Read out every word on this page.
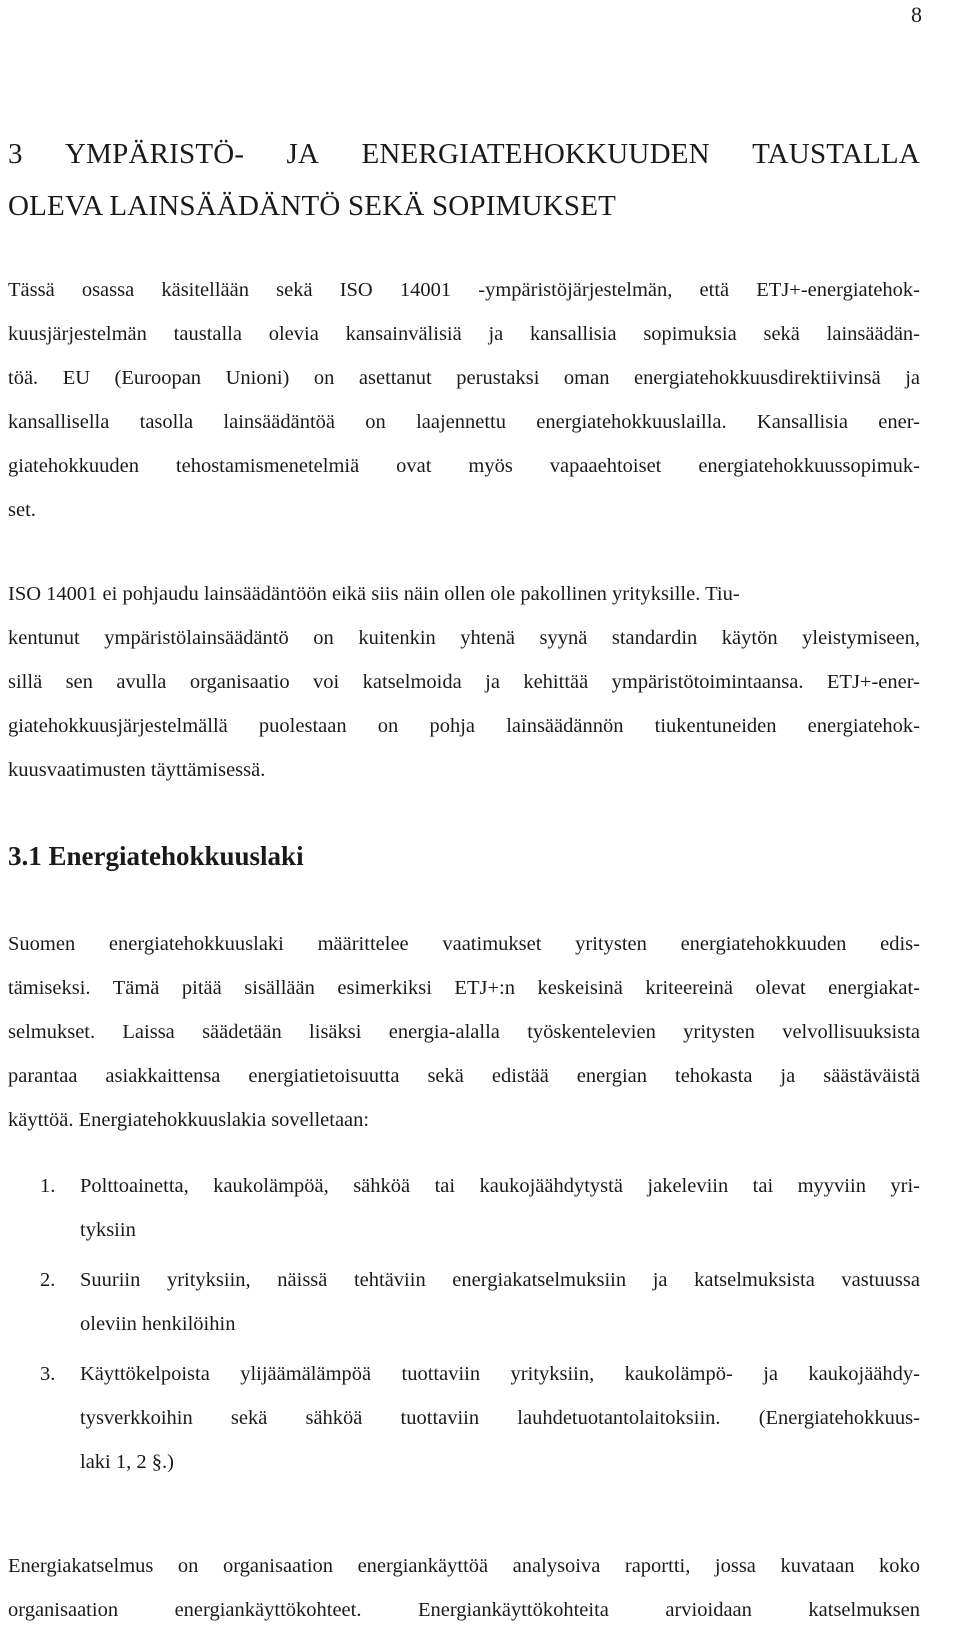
8
3 YMPÄRISTÖ- JA ENERGIATEHOKKUUDEN TAUSTALLA
OLEVA LAINSÄÄDÄNTÖ SEKÄ SOPIMUKSET

Tässä osassa käsitellään sekä ISO 14001 -ympäristöjärjestelmän, että ETJ+-energiatehok-
kuusjärjestelmän taustalla olevia kansainvälisiä ja kansallisia sopimuksia sekä lainsäädän-
töä. EU (Euroopan Unioni) on asettanut perustaksi oman energiatehokkuusdirektiivinsä ja
kansallisella tasolla lainsäädäntöä on laajennettu energiatehokkuuslailla. Kansallisia ener-
giatehokkuuden tehostamismenetelmiä ovat myös vapaaehtoiset energiatehokkuussopimuk-
set.

ISO 14001 ei pohjaudu lainsäädäntöön eikä siis näin ollen ole pakollinen yrityksille. Tiu-
kentunut ympäristölainsäädäntö on kuitenkin yhtenä syynä standardin käytön yleistymiseen,
sillä sen avulla organisaatio voi katselmoida ja kehittää ympäristötoimintaansa. ETJ+-ener-
giatehokkuusjärjestelmällä puolestaan on pohja lainsäädännön tiukentuneiden energiatehok-
kuusvaatimusten täyttämisessä.

3.1 Energiatehokkuuslaki

Suomen energiatehokkuuslaki määrittelee vaatimukset yritysten energiatehokkuuden edis-
tämiseksi. Tämä pitää sisällään esimerkiksi ETJ+:n keskeisinä kriteereinä olevat energiakat-
selmukset. Laissa säädetään lisäksi energia-alalla työskentelevien yritysten velvollisuuksista
parantaa asiakkaittensa energiatietoisuutta sekä edistää energian tehokasta ja säästäväistä
käyttöä. Energiatehokkuuslakia sovelletaan:

1.	Polttoainetta, kaukolämpöä, sähköä tai kaukojäähdytystä jakeleviin tai myyviin yri-
tyksiin
2.	Suuriin yrityksiin, näissä tehtäviin energiakatselmuksiin ja katselmuksista vastuussa
oleviin henkilöihin
3.	Käyttökelpoista ylijäämälämpöä tuottaviin yrityksiin, kaukolämpö- ja kaukojäähdy-
tysverkkoihin sekä sähköä tuottaviin lauhdetuotantolaitoksiin. (Energiatehokkuus-
laki 1, 2 §.)

Energiakatselmus on organisaation energiankäyttöä analysoiva raportti, jossa kuvataan koko
organisaation energiankäyttökohteet. Energiankäyttökohteita arvioidaan katselmuksen
